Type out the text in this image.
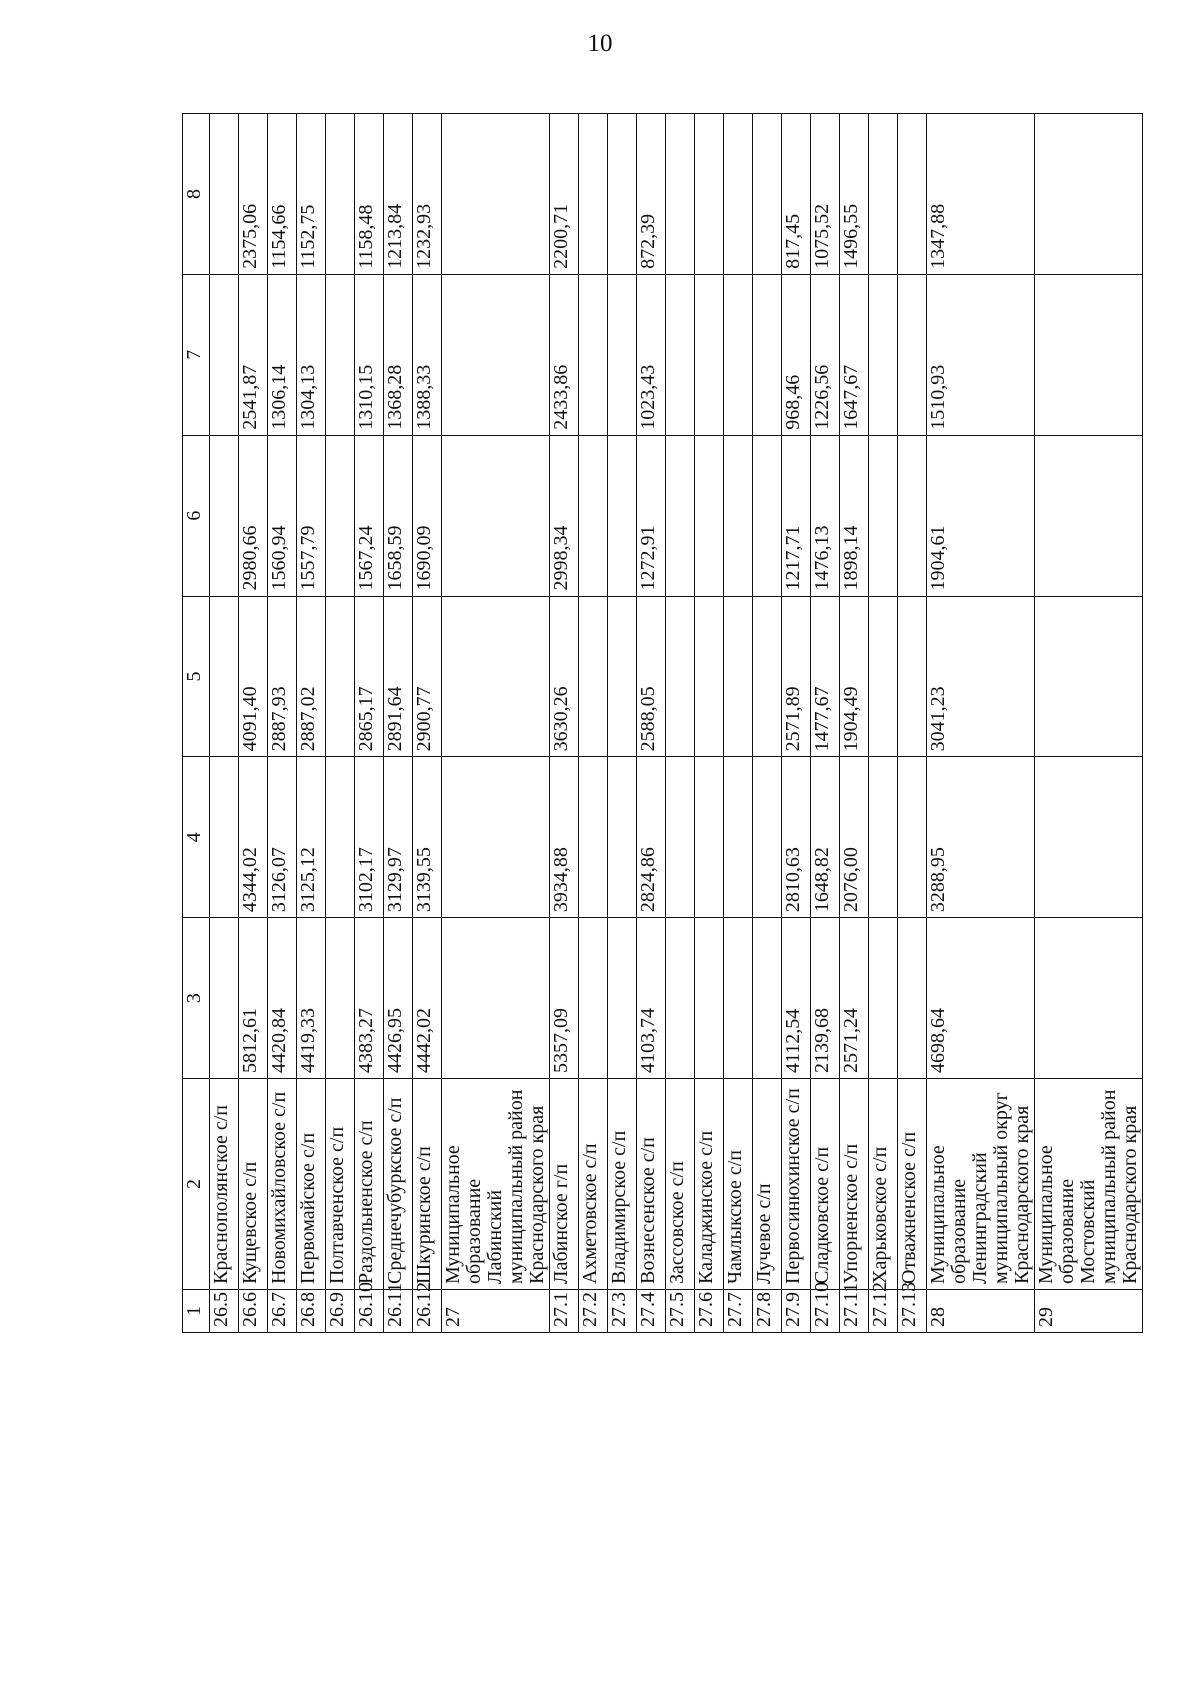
10
1	2	3	4	5	6	7	8
26.5	Краснополянское с/п						
26.6	Кущевское с/п	5812,61	4344,02	4091,40	2980,66	2541,87	2375,06
26.7	Новомихайловское с/п	4420,84	3126,07	2887,93	1560,94	1306,14	1154,66
26.8	Первомайское с/п	4419,33	3125,12	2887,02	1557,79	1304,13	1152,75
26.9	Полтавченское с/п						
26.10	Раздольненское с/п	4383,27	3102,17	2865,17	1567,24	1310,15	1158,48
26.11	Среднечубуркское с/п	4426,95	3129,97	2891,64	1658,59	1368,28	1213,84
26.12	Шкуринское с/п	4442,02	3139,55	2900,77	1690,09	1388,33	1232,93
27	Муниципальное образование Лабинский муниципальный район Краснодарского края						
27.1	Лабинское г/п	5357,09	3934,88	3630,26	2998,34	2433,86	2200,71
27.2	Ахметовское с/п						
27.3	Владимирское с/п						
27.4	Вознесенское с/п	4103,74	2824,86	2588,05	1272,91	1023,43	872,39
27.5	Зассовское с/п						
27.6	Каладжинское с/п						
27.7	Чамлыкское с/п						
27.8	Лучевое с/п						
27.9	Первосинюхинское с/п	4112,54	2810,63	2571,89	1217,71	968,46	817,45
27.10	Сладковское с/п	2139,68	1648,82	1477,67	1476,13	1226,56	1075,52
27.11	Упорненское с/п	2571,24	2076,00	1904,49	1898,14	1647,67	1496,55
27.12	Харьковское с/п						
27.13	Отважненское с/п						
28	Муниципальное образование Ленинградский муниципальный округ Краснодарского края	4698,64	3288,95	3041,23	1904,61	1510,93	1347,88
29	Муниципальное образование Мостовский муниципальный район Краснодарского края						
